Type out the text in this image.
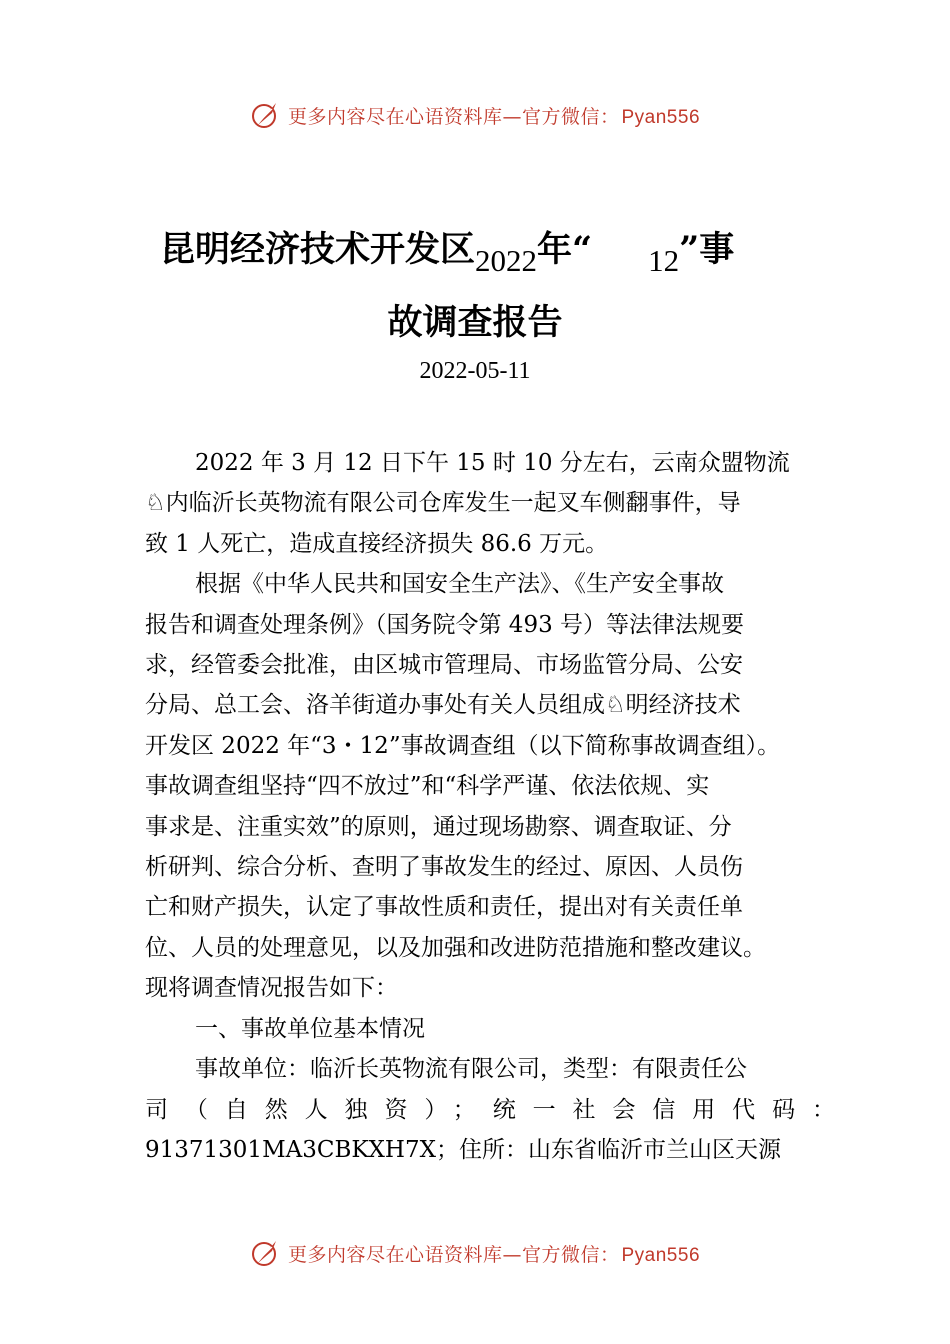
更多内容尽在心语资料库—官方微信： Pyan556
昆明经济技术开发区2022年“ 12”事
故调查报告
2022-05-11

2022 年 3 月 12 日下午 15 时 10 分左右，云南众盟物流
♘内临沂长英物流有限公司仓库发生一起叉车侧翻事件，导
致 1 人死亡，造成直接经济损失 86.6 万元。

根据《中华人民共和国安全生产法》、《生产安全事故
报告和调查处理条例》（国务院令第 493 号）等法律法规要
求，经管委会批准，由区城市管理局、市场监管分局、公安
分局、总工会、洛羊街道办事处有关人员组成♘明经济技术
开发区 2022 年“3・12”事故调查组（以下简称事故调查组）。
事故调查组坚持“四不放过”和“科学严谨、依法依规、实
事求是、注重实效”的原则，通过现场勘察、调查取证、分
析研判、综合分析、查明了事故发生的经过、原因、人员伤
亡和财产损失，认定了事故性质和责任，提出对有关责任单
位、人员的处理意见，以及加强和改进防范措施和整改建议。
现将调查情况报告如下：

一、事故单位基本情况

事故单位：临沂长英物流有限公司，类型：有限责任公

司（自然人独资）；统一社会信用代码：

91371301MA3CBKXH7X；住所：山东省临沂市兰山区天源

更多内容尽在心语资料库—官方微信： Pyan556
